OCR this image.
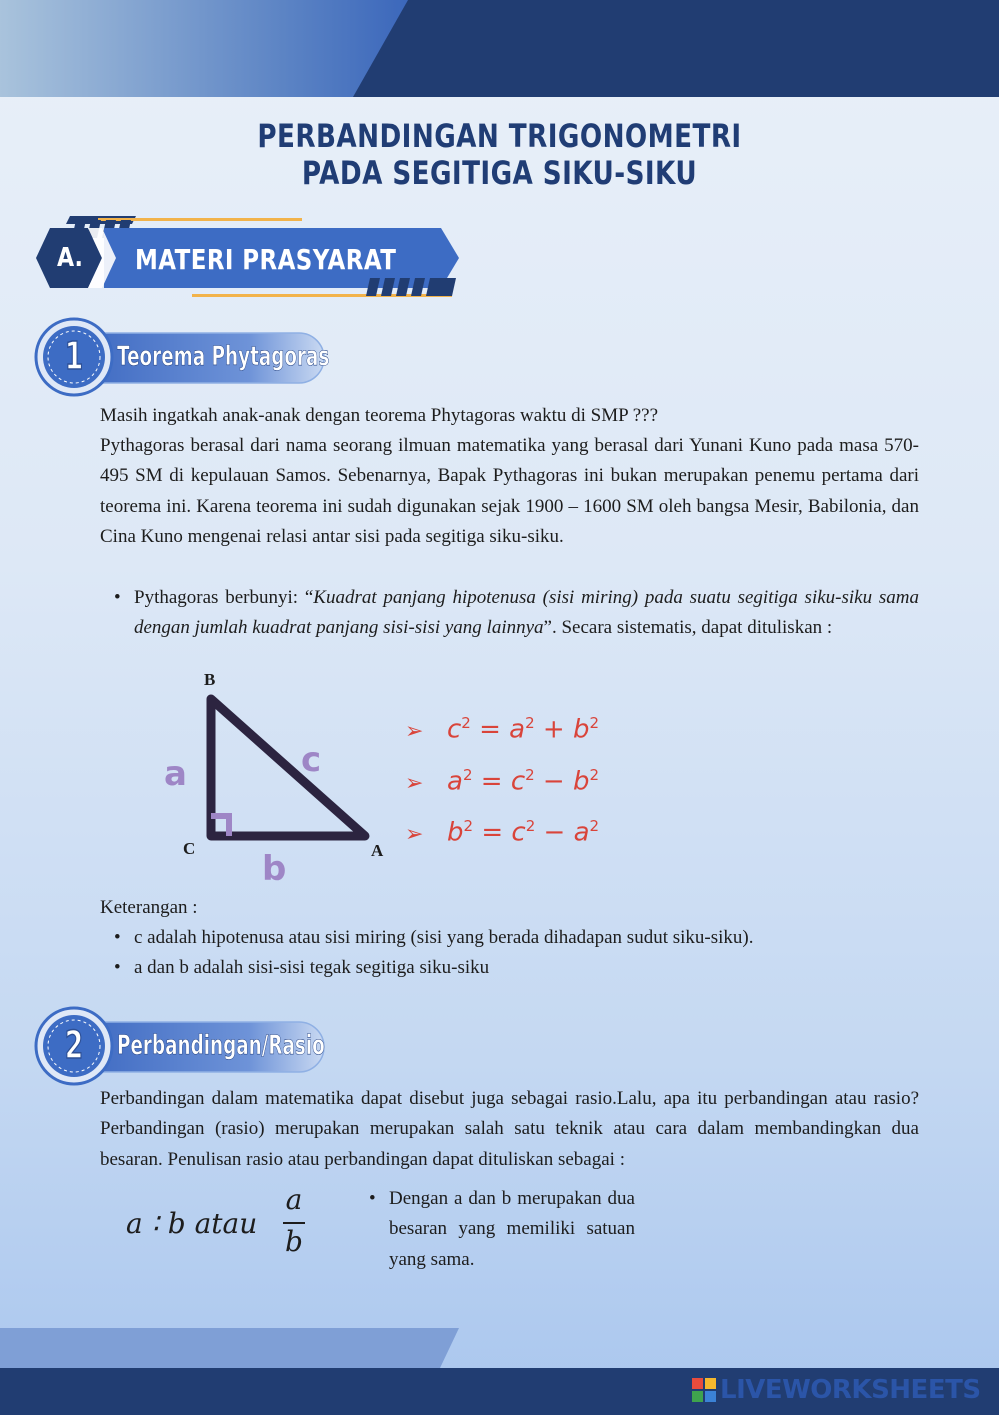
PERBANDINGAN TRIGONOMETRI
PADA SEGITIGA SIKU-SIKU
A. MATERI PRASYARAT
1	Teorema Phytagoras

Masih ingatkah anak-anak dengan teorema Phytagoras waktu di SMP ???

Pythagoras berasal dari nama seorang ilmuan matematika yang berasal dari Yunani Kuno pada masa 570-495 SM di kepulauan Samos. Sebenarnya, Bapak Pythagoras ini bukan merupakan penemu pertama dari teorema ini. Karena teorema ini sudah digunakan sejak 1900 – 1600 SM oleh bangsa Mesir, Babilonia, dan Cina Kuno mengenai relasi antar sisi pada segitiga siku-siku.

• Pythagoras berbunyi: “Kuadrat panjang hipotenusa (sisi miring) pada suatu segitiga siku-siku sama dengan jumlah kuadrat panjang sisi-sisi yang lainnya”. Secara sistematis, dapat dituliskan :
B
C	A
a	c
b
➢ $c^2 = a^2 + b^2$
➢ $a^2 = c^2 - b^2$
➢ $b^2 = c^2 - a^2$

Keterangan :

• c adalah hipotenusa atau sisi miring (sisi yang berada dihadapan sudut siku-siku).
• a dan b adalah sisi-sisi tegak segitiga siku-siku
2	Perbandingan/Rasio

Perbandingan dalam matematika dapat disebut juga sebagai rasio.Lalu, apa itu perbandingan atau rasio? Perbandingan (rasio) merupakan merupakan salah satu teknik atau cara dalam membandingkan dua besaran. Penulisan rasio atau perbandingan dapat dituliskan sebagai :

a ∶ b atau
a
b
• Dengan a dan b merupakan dua besaran yang memiliki satuan yang sama.
LIVEWORKSHEETS
